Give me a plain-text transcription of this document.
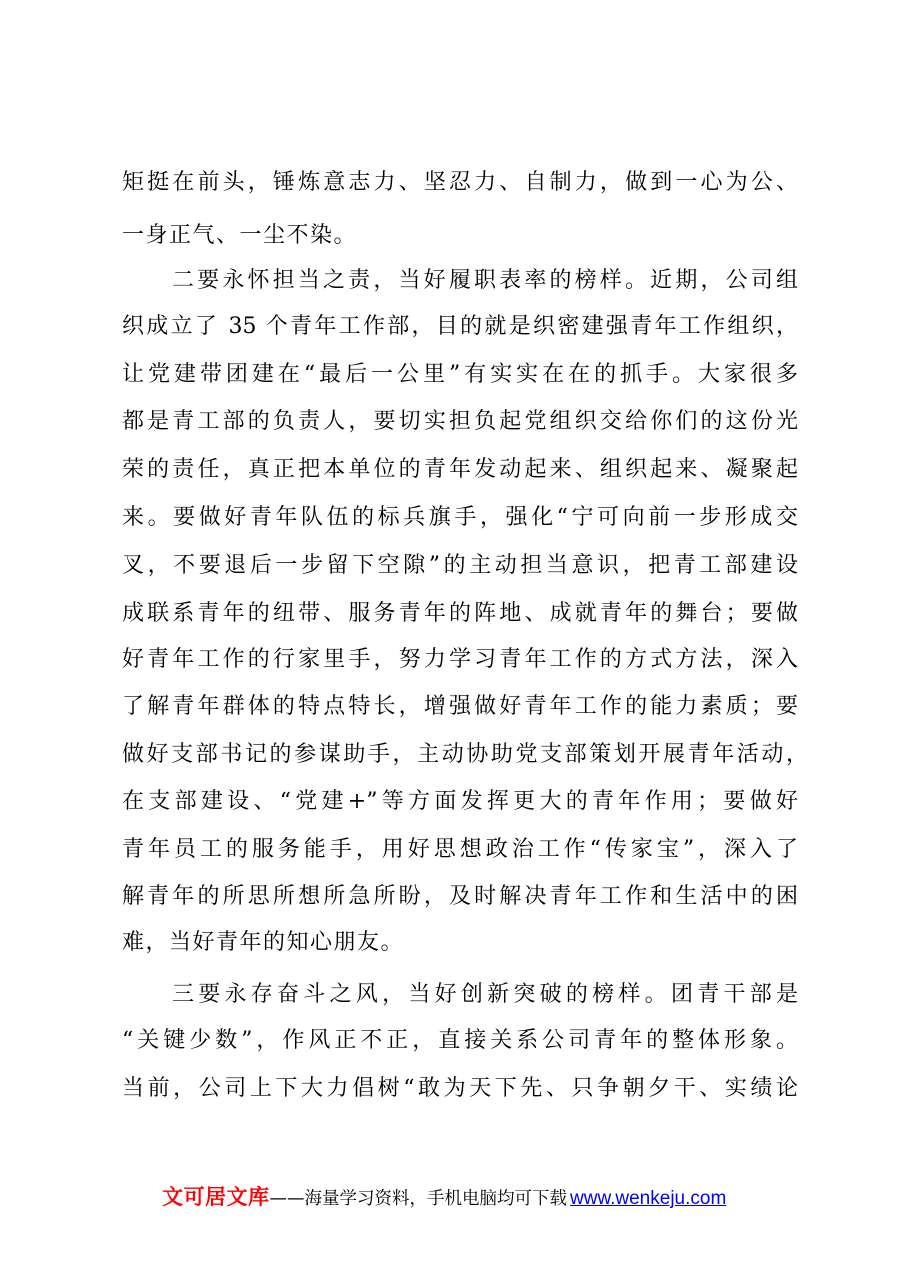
矩挺在前头，锤炼意志力、坚忍力、自制力，做到一心为公、
一身正气、一尘不染。
二要永怀担当之责，当好履职表率的榜样。近期，公司组
织成立了 35 个青年工作部，目的就是织密建强青年工作组织，
让党建带团建在“最后一公里”有实实在在的抓手。大家很多
都是青工部的负责人，要切实担负起党组织交给你们的这份光
荣的责任，真正把本单位的青年发动起来、组织起来、凝聚起
来。要做好青年队伍的标兵旗手，强化“宁可向前一步形成交
叉，不要退后一步留下空隙”的主动担当意识，把青工部建设
成联系青年的纽带、服务青年的阵地、成就青年的舞台；要做
好青年工作的行家里手，努力学习青年工作的方式方法，深入
了解青年群体的特点特长，增强做好青年工作的能力素质；要
做好支部书记的参谋助手，主动协助党支部策划开展青年活动，
在支部建设、“党建+”等方面发挥更大的青年作用；要做好
青年员工的服务能手，用好思想政治工作“传家宝”，深入了
解青年的所思所想所急所盼，及时解决青年工作和生活中的困
难，当好青年的知心朋友。
三要永存奋斗之风，当好创新突破的榜样。团青干部是
“关键少数”，作风正不正，直接关系公司青年的整体形象。
当前，公司上下大力倡树“敢为天下先、只争朝夕干、实绩论
文可居文库 ——海量学习资料，手机电脑均可下载 www.wenkeju.com
